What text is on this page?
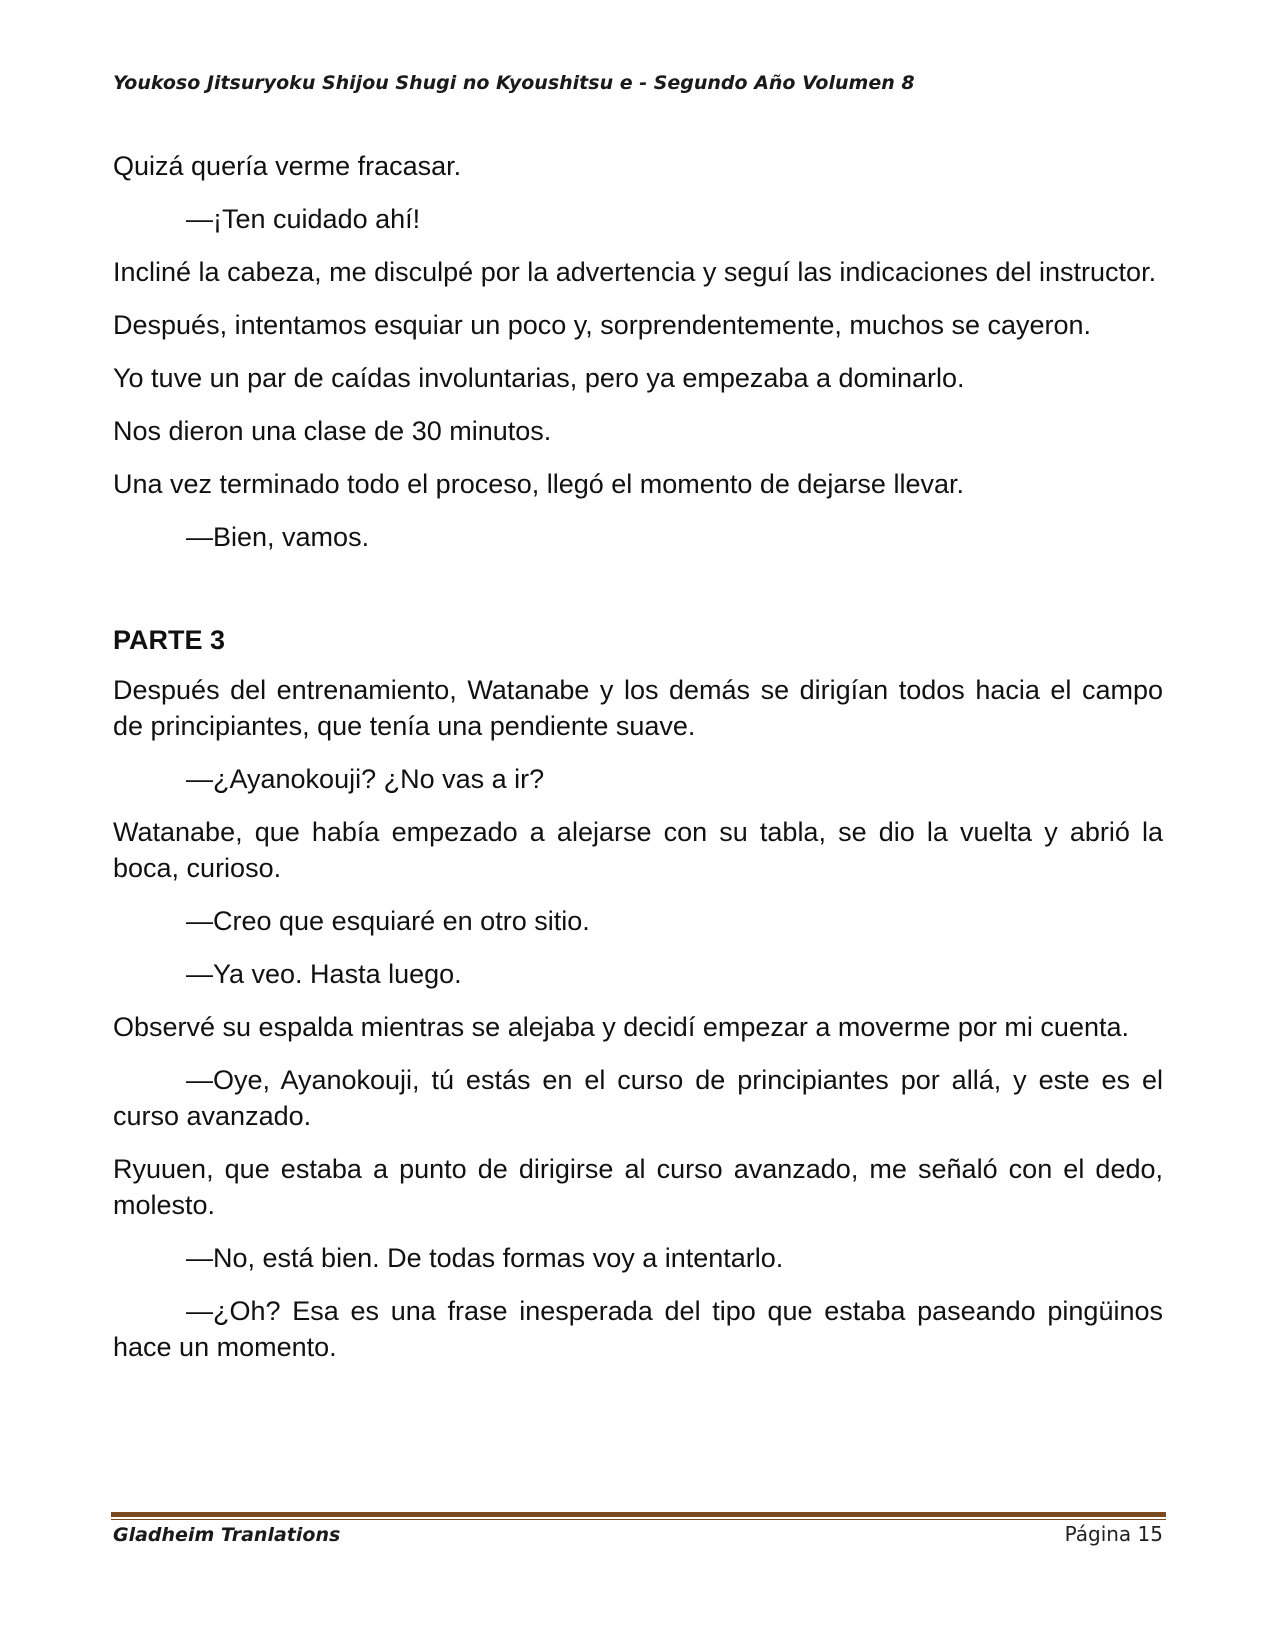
Youkoso Jitsuryoku Shijou Shugi no Kyoushitsu e - Segundo Año Volumen 8

Quizá quería verme fracasar.

—¡Ten cuidado ahí!

Incliné la cabeza, me disculpé por la advertencia y seguí las indicaciones del instructor.

Después, intentamos esquiar un poco y, sorprendentemente, muchos se cayeron.

Yo tuve un par de caídas involuntarias, pero ya empezaba a dominarlo.

Nos dieron una clase de 30 minutos.

Una vez terminado todo el proceso, llegó el momento de dejarse llevar.

—Bien, vamos.

PARTE 3

Después del entrenamiento, Watanabe y los demás se dirigían todos hacia el campo de principiantes, que tenía una pendiente suave.

—¿Ayanokouji? ¿No vas a ir?

Watanabe, que había empezado a alejarse con su tabla, se dio la vuelta y abrió la boca, curioso.

—Creo que esquiaré en otro sitio.

—Ya veo. Hasta luego.

Observé su espalda mientras se alejaba y decidí empezar a moverme por mi cuenta.

—Oye, Ayanokouji, tú estás en el curso de principiantes por allá, y este es el curso avanzado.

Ryuuen, que estaba a punto de dirigirse al curso avanzado, me señaló con el dedo, molesto.

—No, está bien. De todas formas voy a intentarlo.

—¿Oh? Esa es una frase inesperada del tipo que estaba paseando pingüinos hace un momento.

Gladheim Tranlations	Página 15
